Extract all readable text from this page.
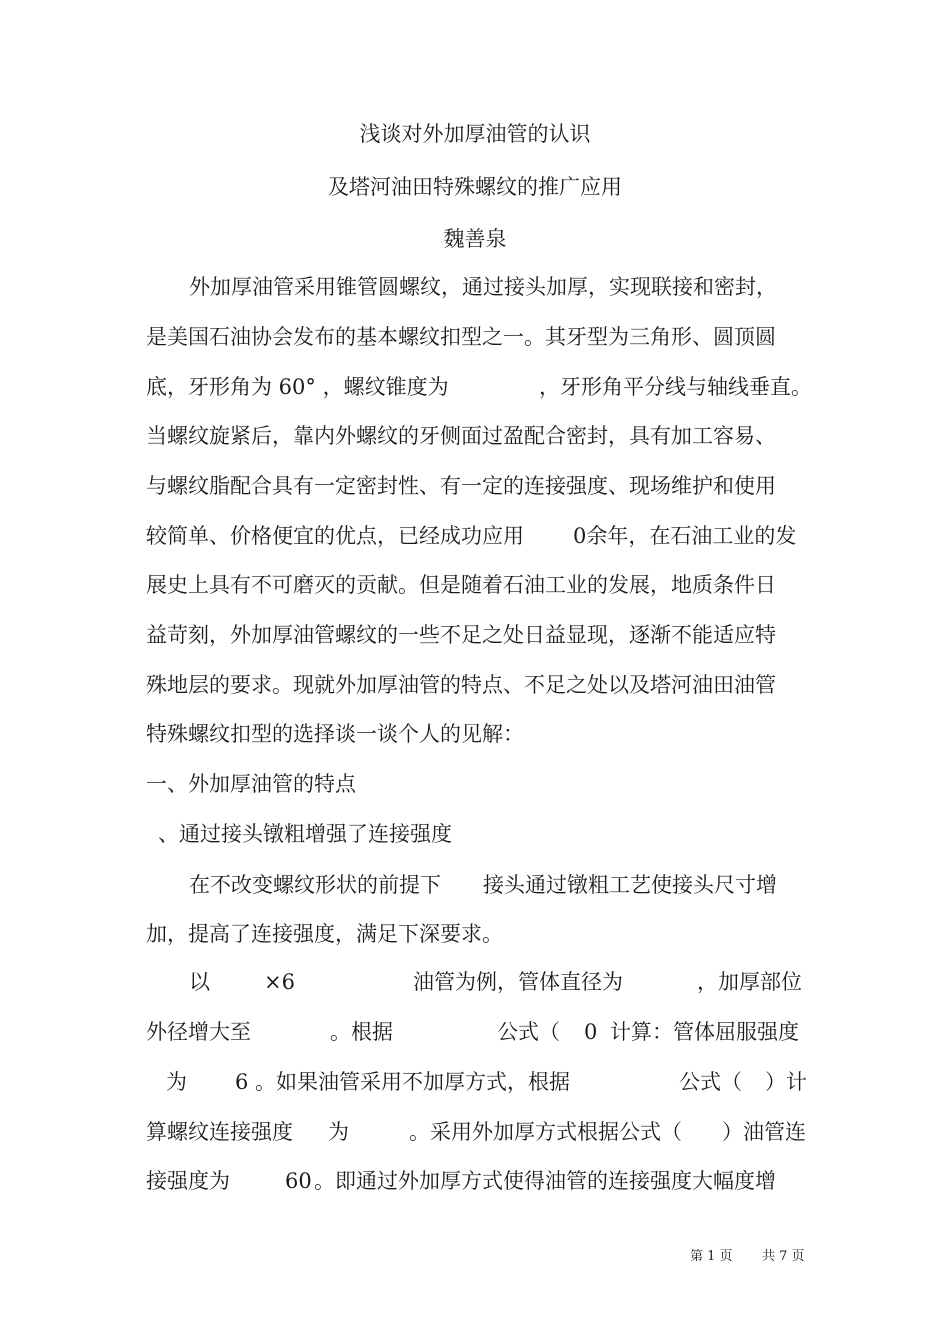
浅谈对外加厚油管的认识
及塔河油田特殊螺纹的推广应用
魏善泉
外加厚油管采用锥管圆螺纹，通过接头加厚，实现联接和密封，
是美国石油协会发布的基本螺纹扣型之一。其牙型为三角形、圆顶圆
底，牙形角为 60° ，螺纹锥度为	，牙形角平分线与轴线垂直。
当螺纹旋紧后，靠内外螺纹的牙侧面过盈配合密封，具有加工容易、
与螺纹脂配合具有一定密封性、有一定的连接强度、现场维护和使用
较简单、价格便宜的优点，已经成功应用 0余年，在石油工业的发
展史上具有不可磨灭的贡献。但是随着石油工业的发展，地质条件日
益苛刻，外加厚油管螺纹的一些不足之处日益显现，逐渐不能适应特
殊地层的要求。现就外加厚油管的特点、不足之处以及塔河油田油管
特殊螺纹扣型的选择谈一谈个人的见解：
一、外加厚油管的特点
、通过接头镦粗增强了连接强度
在不改变螺纹形状的前提下 接头通过镦粗工艺使接头尺寸增
加，提高了连接强度，满足下深要求。
以	×6	油管为例，管体直径为	，加厚部位
外径增大至	。根据	公式（ 0 计算：管体屈服强度
为 6 。如果油管采用不加厚方式，根据	公式（ ）计
算螺纹连接强度 为	。采用外加厚方式根据公式（ ）油管连
接强度为	60 。即通过外加厚方式使得油管的连接强度大幅度增
第 1 页 共 7 页
